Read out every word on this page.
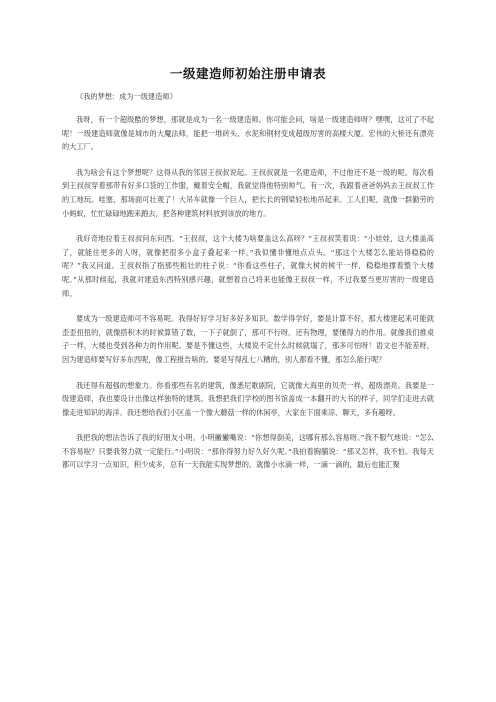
一级建造师初始注册申请表

《我的梦想：成为一级建造师》

我呀，有一个超级酷的梦想，那就是成为一名一级建造师。你可能会问，啥是一级建造师呀？嘿嘿，这可了不起呢！一级建造师就像是城市的大魔法师，能把一堆砖头、水泥和钢材变成超级厉害的高楼大厦、宏伟的大桥还有漂亮的大工厂。

我为啥会有这个梦想呢？这得从我的邻居王叔叔说起。王叔叔就是一名建造师，不过他还不是一级的呢。每次看到王叔叔穿着那带有好多口袋的工作服，戴着安全帽，我就觉得他特别帅气。有一次，我跟着爸爸妈妈去王叔叔工作的工地玩。哇塞，那场面可壮观了！大吊车就像一个巨人，把长长的钢梁轻松地吊起来。工人们呢，就像一群勤劳的小蚂蚁，忙忙碌碌地跑来跑去，把各种建筑材料放到该放的地方。

我好奇地拉着王叔叔问东问西。“王叔叔，这个大楼为啥要盖这么高呀？”王叔叔笑着说：“小娃娃，这大楼盖高了，就能住更多的人呀，就像把很多小盒子叠起来一样。”我似懂非懂地点点头。“那这个大楼怎么能站得稳稳的呢？”我又问道。王叔叔指了指那些粗壮的柱子说：“你看这些柱子，就像大树的树干一样，稳稳地撑着整个大楼呢。”从那时候起，我就对建造东西特别感兴趣，就想着自己将来也能像王叔叔一样，不过我要当更厉害的一级建造师。

要成为一级建造师可不容易呢。我得好好学习好多好多知识。数学得学好，要是计算不好，那大楼建起来可能就歪歪扭扭的，就像搭积木的时候算错了数，一下子就倒了，那可不行呀。还有物理，要懂得力的作用。就像我们推桌子一样，大楼也受到各种力的作用呢。要是不懂这些，大楼说不定什么时候就塌了，那多可怕呀！语文也不能差呀，因为建造师要写好多东西呢，像工程报告啥的。要是写得乱七八糟的，别人都看不懂，那怎么能行呢？

我还得有超强的想象力。你看那些有名的建筑，像悉尼歌剧院，它就像大海里的贝壳一样，超级漂亮。我要是一级建造师，我也要设计出像这样独特的建筑。我想把我们学校的图书馆盖成一本翻开的大书的样子，同学们走进去就像走进知识的海洋。我还想给我们小区盖一个像大蘑菇一样的休闲亭，大家在下面乘凉、聊天，多有趣呀。

我把我的想法告诉了我的好朋友小明。小明撇撇嘴说：“你想得倒美，这哪有那么容易呀。”我不服气地说：“怎么不容易啦？只要我努力就一定能行。”小明说：“那你得努力好久好久呢。”我拍着胸脯说：“那又怎样，我不怕。我每天都可以学习一点知识，积少成多，总有一天我能实现梦想的。就像小水滴一样，一滴一滴的，最后也能汇聚
